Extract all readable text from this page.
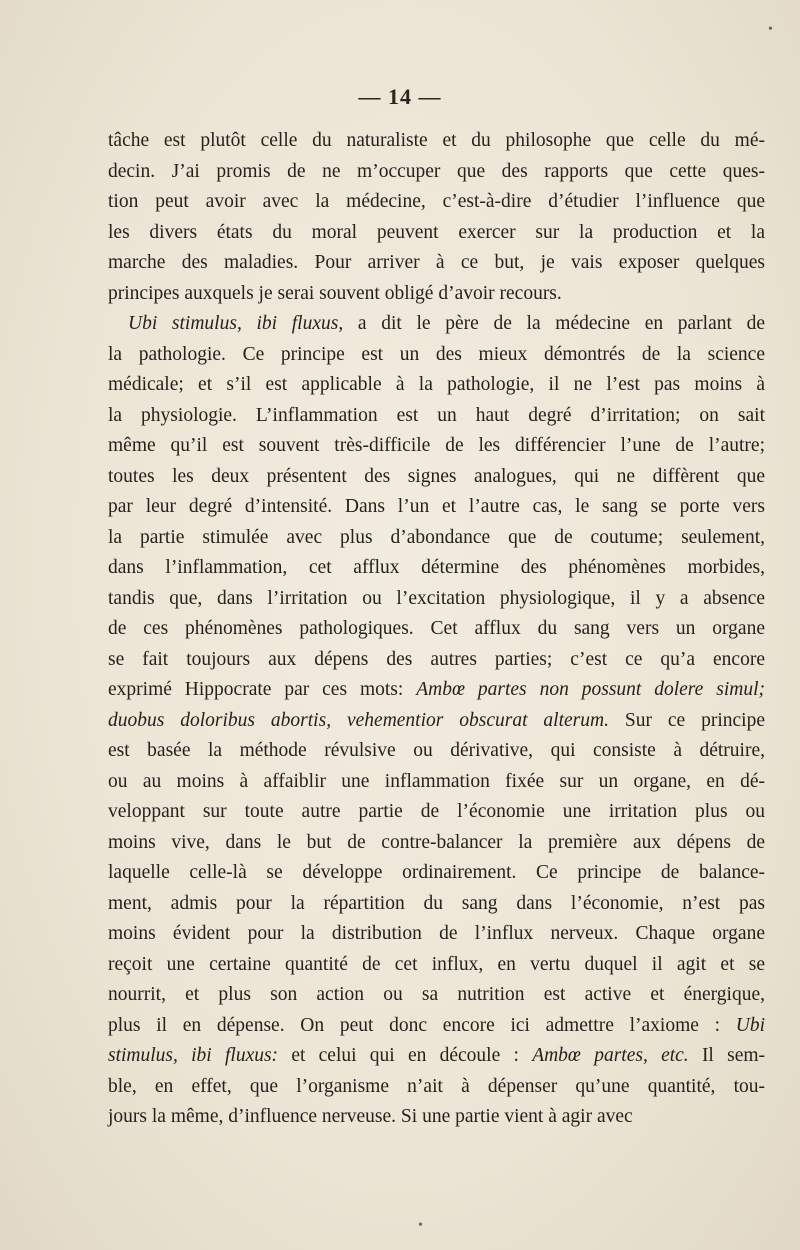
— 14 —
tâche est plutôt celle du naturaliste et du philosophe que celle du mé-
decin. J’ai promis de ne m’occuper que des rapports que cette ques-
tion peut avoir avec la médecine, c’est-à-dire d’étudier l’influence que
les divers états du moral peuvent exercer sur la production et la
marche des maladies. Pour arriver à ce but, je vais exposer quelques
principes auxquels je serai souvent obligé d’avoir recours.
Ubi stimulus, ibi fluxus, a dit le père de la médecine en parlant de
la pathologie. Ce principe est un des mieux démontrés de la science
médicale; et s’il est applicable à la pathologie, il ne l’est pas moins à
la physiologie. L’inflammation est un haut degré d’irritation; on sait
même qu’il est souvent très-difficile de les différencier l’une de l’autre;
toutes les deux présentent des signes analogues, qui ne diffèrent que
par leur degré d’intensité. Dans l’un et l’autre cas, le sang se porte vers
la partie stimulée avec plus d’abondance que de coutume; seulement,
dans l’inflammation, cet afflux détermine des phénomènes morbides,
tandis que, dans l’irritation ou l’excitation physiologique, il y a absence
de ces phénomènes pathologiques. Cet afflux du sang vers un organe
se fait toujours aux dépens des autres parties; c’est ce qu’a encore
exprimé Hippocrate par ces mots: Ambœ partes non possunt dolere simul;
duobus doloribus abortis, vehementior obscurat alterum. Sur ce principe
est basée la méthode révulsive ou dérivative, qui consiste à détruire,
ou au moins à affaiblir une inflammation fixée sur un organe, en dé-
veloppant sur toute autre partie de l’économie une irritation plus ou
moins vive, dans le but de contre-balancer la première aux dépens de
laquelle celle-là se développe ordinairement. Ce principe de balance-
ment, admis pour la répartition du sang dans l’économie, n’est pas
moins évident pour la distribution de l’influx nerveux. Chaque organe
reçoit une certaine quantité de cet influx, en vertu duquel il agit et se
nourrit, et plus son action ou sa nutrition est active et énergique,
plus il en dépense. On peut donc encore ici admettre l’axiome : Ubi
stimulus, ibi fluxus: et celui qui en découle : Ambœ partes, etc. Il sem-
ble, en effet, que l’organisme n’ait à dépenser qu’une quantité, tou-
jours la même, d’influence nerveuse. Si une partie vient à agir avec
•
•
